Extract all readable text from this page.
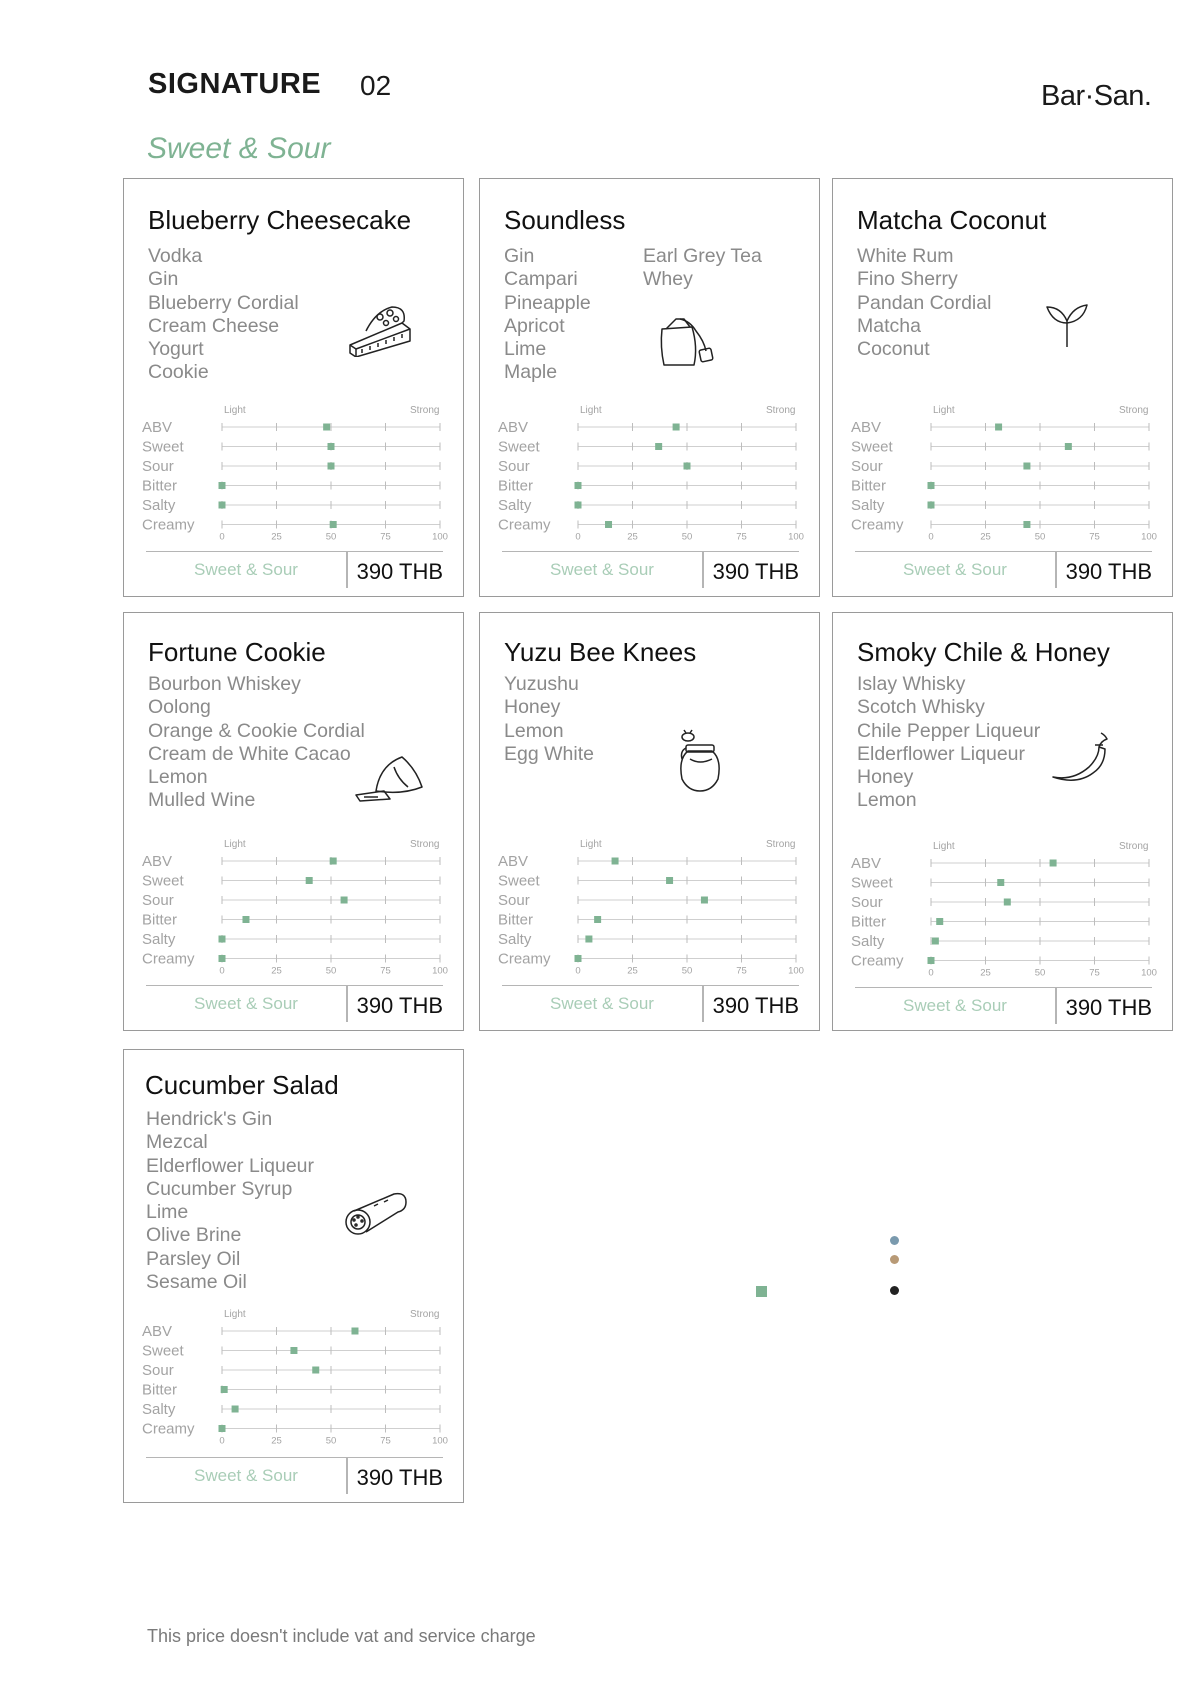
SIGNATURE 02	Bar·San.
Sweet & Sour
Blueberry Cheesecake
Vodka
Gin
Blueberry Cordial
Cream Cheese
Yogurt
Cookie
Light	Strong
ABV
Sweet
Sour
Bitter
Salty
Creamy
0	25	50	75	100
Sweet & Sour	390 THB
Soundless
Gin
Campari
Pineapple
Apricot
Lime
Maple
Earl Grey Tea
Whey
Light	Strong
ABV
Sweet
Sour
Bitter
Salty
Creamy
0	25	50	75	100
Sweet & Sour	390 THB
Matcha Coconut
White Rum
Fino Sherry
Pandan Cordial
Matcha
Coconut
Light	Strong
ABV
Sweet
Sour
Bitter
Salty
Creamy
0	25	50	75	100
Sweet & Sour	390 THB
Fortune Cookie
Bourbon Whiskey
Oolong
Orange & Cookie Cordial
Cream de White Cacao
Lemon
Mulled Wine
Light	Strong
ABV
Sweet
Sour
Bitter
Salty
Creamy
0	25	50	75	100
Sweet & Sour	390 THB
Yuzu Bee Knees
Yuzushu
Honey
Lemon
Egg White
Light	Strong
ABV
Sweet
Sour
Bitter
Salty
Creamy
0	25	50	75	100
Sweet & Sour	390 THB
Smoky Chile & Honey
Islay Whisky
Scotch Whisky
Chile Pepper Liqueur
Elderflower Liqueur
Honey
Lemon
Light	Strong
ABV
Sweet
Sour
Bitter
Salty
Creamy
0	25	50	75	100
Sweet & Sour	390 THB
Cucumber Salad
Hendrick's Gin
Mezcal
Elderflower Liqueur
Cucumber Syrup
Lime
Olive Brine
Parsley Oil
Sesame Oil
Light	Strong
ABV
Sweet
Sour
Bitter
Salty
Creamy
0	25	50	75	100
Sweet & Sour	390 THB
This price doesn't include vat and service charge
